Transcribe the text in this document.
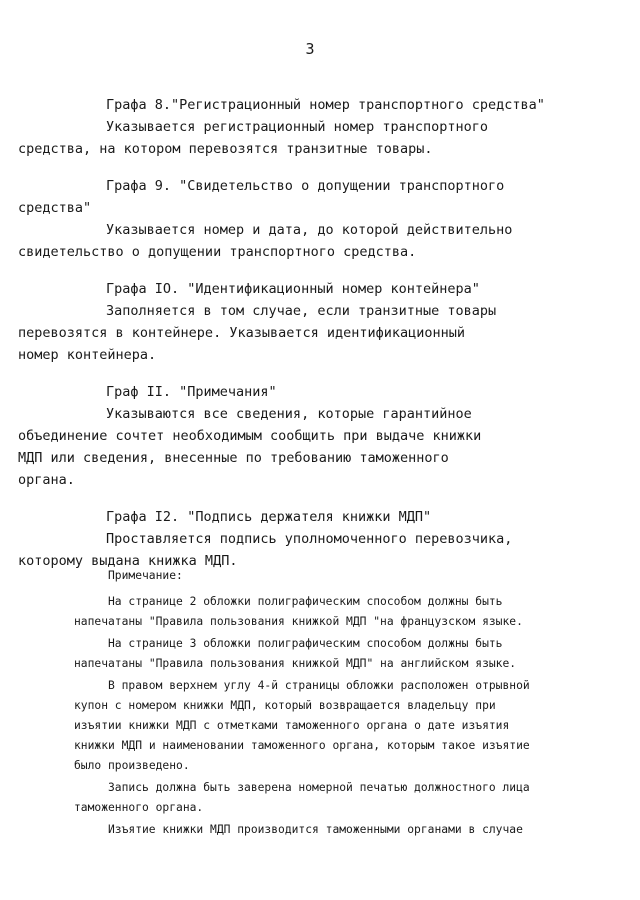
3
Графа 8."Регистрационный номер транспортного средства"
Указывается регистрационный номер транспортного
средства, на котором перевозятся транзитные товары.
Графа 9. "Свидетельство о допущении транспортного
средства"
Указывается номер и дата, до которой действительно
свидетельство о допущении транспортного средства.
Графа IO. "Идентификационный номер контейнера"
Заполняется в том случае, если транзитные товары
перевозятся в контейнере. Указывается идентификационный
номер контейнера.
Граф II. "Примечания"
Указываются все сведения, которые гарантийное
объединение сочтет необходимым сообщить при выдаче книжки
МДП или сведения, внесенные по требованию таможенного
органа.
Графа I2. "Подпись держателя книжки МДП"
Проставляется подпись уполномоченного перевозчика,
которому выдана книжка МДП.
Примечание:
На странице 2 обложки полиграфическим способом должны быть
напечатаны "Правила пользования книжкой МДП "на французском языке.
На странице 3 обложки полиграфическим способом должны быть
напечатаны "Правила пользования книжкой МДП" на английском языке.
В правом верхнем углу 4-й страницы обложки расположен отрывной
купон с номером книжки МДП, который возвращается владельцу при
изъятии книжки МДП с отметками таможенного органа о дате изъятия
книжки МДП и наименовании таможенного органа, которым такое изъятие
было произведено.
Запись должна быть заверена номерной печатью должностного лица
таможенного органа.
Изъятие книжки МДП производится таможенными органами в случае
